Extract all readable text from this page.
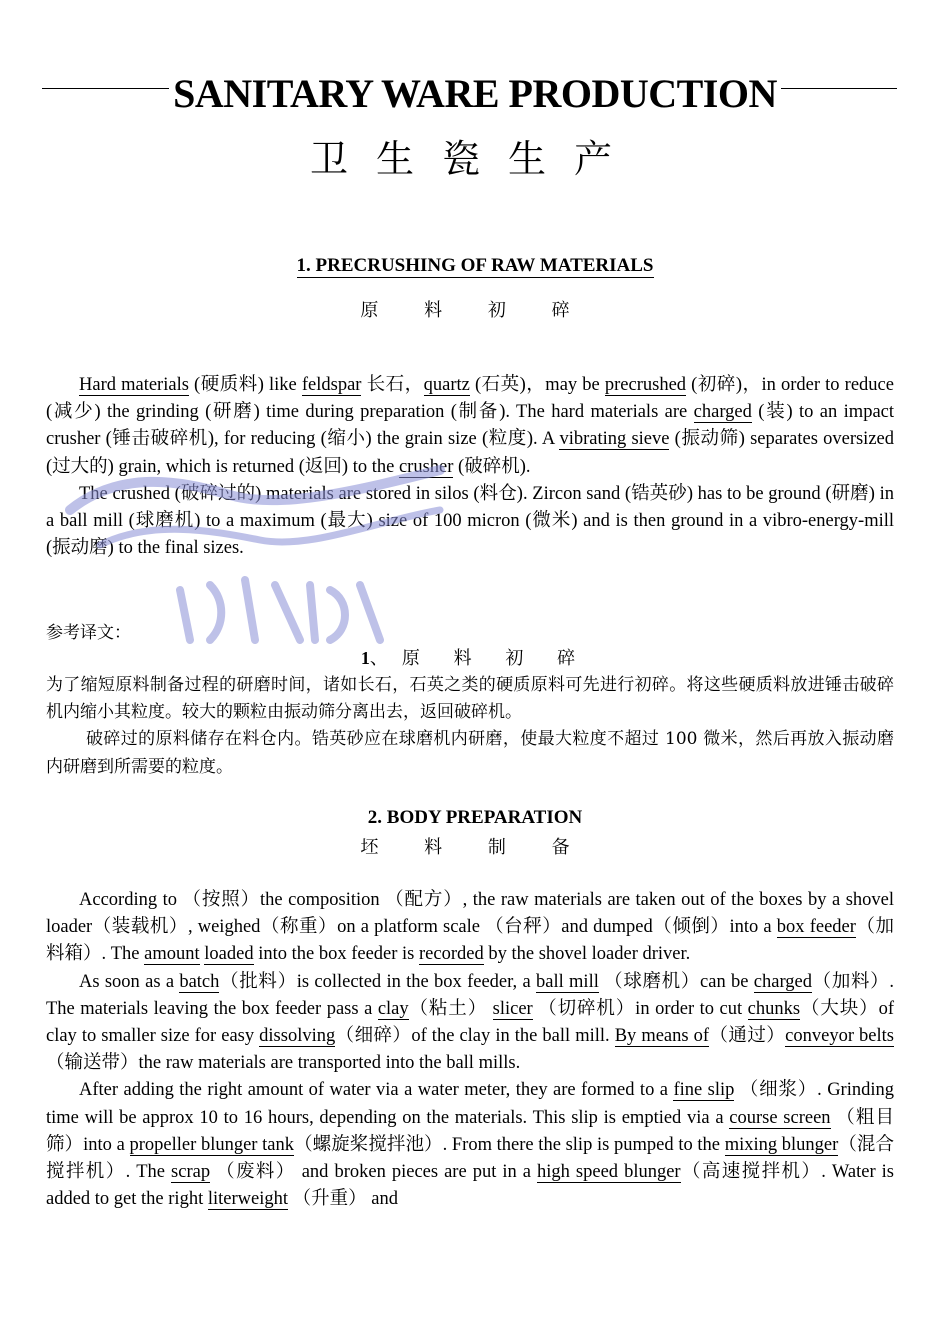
SANITARY WARE PRODUCTION
卫生瓷生产
1. PRECRUSHING OF RAW MATERIALS
原 料 初 碎

Hard materials (硬质料) like feldspar 长石，quartz (石英)，may be precrushed (初碎)，in order to reduce (减少) the grinding (研磨) time during preparation (制备). The hard materials are charged (装) to an impact crusher (锤击破碎机), for reducing (缩小) the grain size (粒度). A vibrating sieve (振动筛) separates oversized (过大的) grain, which is returned (返回) to the crusher (破碎机).

The crushed (破碎过的) materials are stored in silos (料仓). Zircon sand (锆英砂) has to be ground (研磨) in a ball mill (球磨机) to a maximum (最大) size of 100 micron (微米) and is then ground in a vibro-energy-mill (振动磨) to the final sizes.

参考译文：
1、原 料 初 碎

为了缩短原料制备过程的研磨时间，诸如长石，石英之类的硬质原料可先进行初碎。将这些硬质料放进锤击破碎机内缩小其粒度。较大的颗粒由振动筛分离出去，返回破碎机。

破碎过的原料储存在料仓内。锆英砂应在球磨机内研磨，使最大粒度不超过 100 微米，然后再放入振动磨内研磨到所需要的粒度。

2. BODY PREPARATION
坯 料 制 备

According to （按照）the composition （配方）, the raw materials are taken out of the boxes by a shovel loader（装载机）, weighed（称重）on a platform scale （台秤）and dumped（倾倒）into a box feeder（加料箱）. The amount loaded into the box feeder is recorded by the shovel loader driver.

As soon as a batch（批料）is collected in the box feeder, a ball mill （球磨机）can be charged（加料）. The materials leaving the box feeder pass a clay（粘土） slicer （切碎机）in order to cut chunks（大块）of clay to smaller size for easy dissolving（细碎）of the clay in the ball mill. By means of（通过）conveyor belts（输送带）the raw materials are transported into the ball mills.

After adding the right amount of water via a water meter, they are formed to a fine slip （细浆）. Grinding time will be approx 10 to 16 hours, depending on the materials. This slip is emptied via a course screen （粗目筛）into a propeller blunger tank（螺旋桨搅拌池）. From there the slip is pumped to the mixing blunger（混合搅拌机）. The scrap （废料） and broken pieces are put in a high speed blunger（高速搅拌机）. Water is added to get the right literweight （升重） and
